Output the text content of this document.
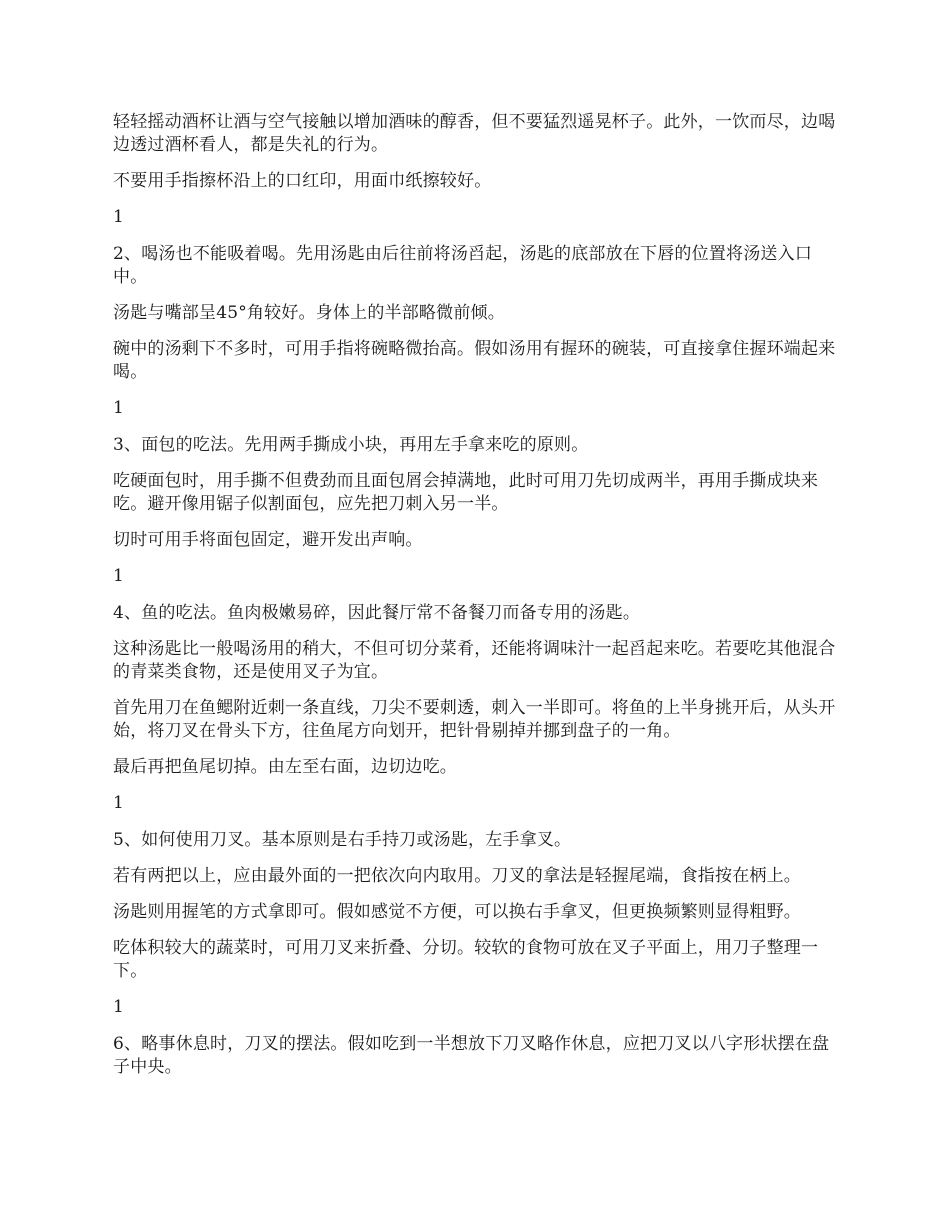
轻轻摇动酒杯让酒与空气接触以增加酒味的醇香，但不要猛烈遥晃杯子。此外，一饮而尽，边喝边透过酒杯看人，都是失礼的行为。

不要用手指擦杯沿上的口红印，用面巾纸擦较好。

1

2、喝汤也不能吸着喝。先用汤匙由后往前将汤舀起，汤匙的底部放在下唇的位置将汤送入口中。

汤匙与嘴部呈45°角较好。身体上的半部略微前倾。

碗中的汤剩下不多时，可用手指将碗略微抬高。假如汤用有握环的碗装，可直接拿住握环端起来喝。

1

3、面包的吃法。先用两手撕成小块，再用左手拿来吃的原则。

吃硬面包时，用手撕不但费劲而且面包屑会掉满地，此时可用刀先切成两半，再用手撕成块来吃。避开像用锯子似割面包，应先把刀刺入另一半。

切时可用手将面包固定，避开发出声响。

1

4、鱼的吃法。鱼肉极嫩易碎，因此餐厅常不备餐刀而备专用的汤匙。

这种汤匙比一般喝汤用的稍大，不但可切分菜肴，还能将调味汁一起舀起来吃。若要吃其他混合的青菜类食物，还是使用叉子为宜。

首先用刀在鱼鳃附近刺一条直线，刀尖不要刺透，刺入一半即可。将鱼的上半身挑开后，从头开始，将刀叉在骨头下方，往鱼尾方向划开，把针骨剔掉并挪到盘子的一角。

最后再把鱼尾切掉。由左至右面，边切边吃。

1

5、如何使用刀叉。基本原则是右手持刀或汤匙，左手拿叉。

若有两把以上，应由最外面的一把依次向内取用。刀叉的拿法是轻握尾端，食指按在柄上。

汤匙则用握笔的方式拿即可。假如感觉不方便，可以换右手拿叉，但更换频繁则显得粗野。

吃体积较大的蔬菜时，可用刀叉来折叠、分切。较软的食物可放在叉子平面上，用刀子整理一下。

1

6、略事休息时，刀叉的摆法。假如吃到一半想放下刀叉略作休息，应把刀叉以八字形状摆在盘子中央。
